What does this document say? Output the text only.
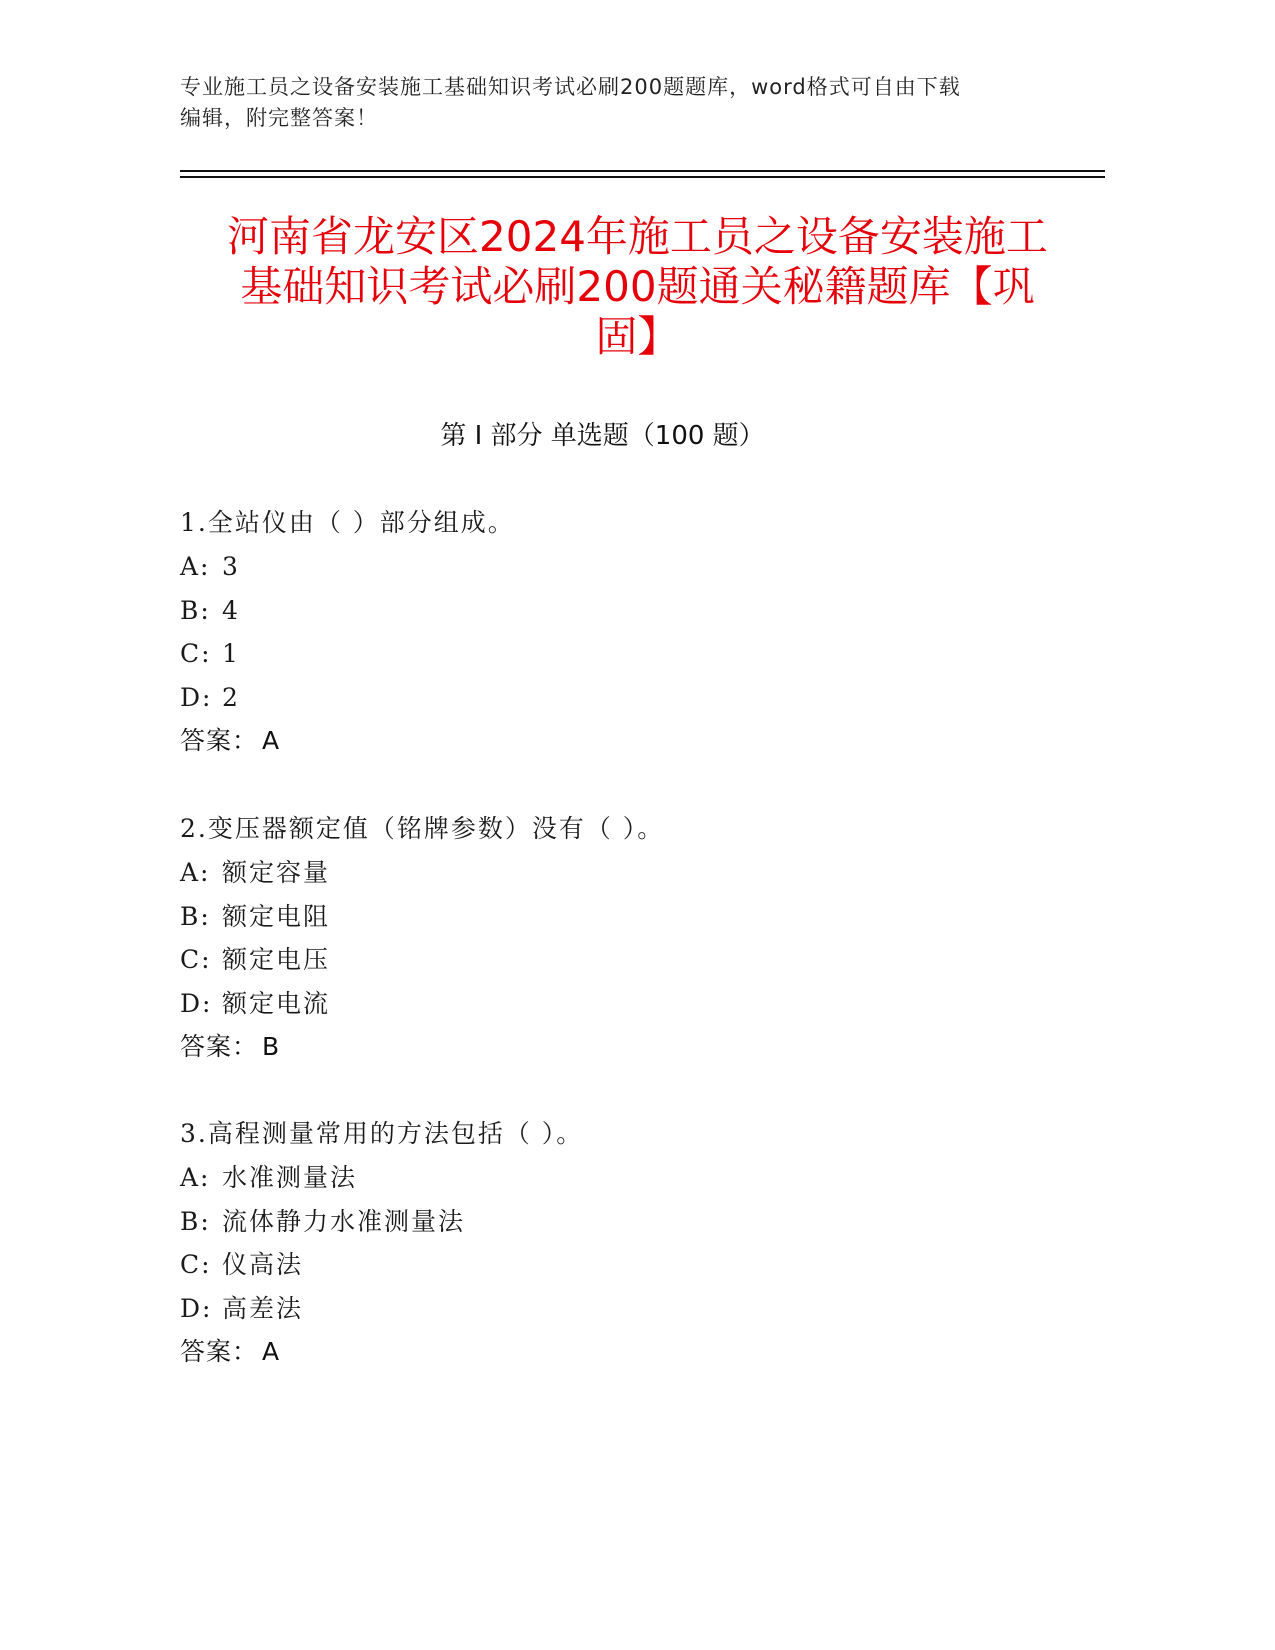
专业施工员之设备安装施工基础知识考试必刷200题题库，word格式可自由下载
编辑，附完整答案！
河南省龙安区2024年施工员之设备安装施工
基础知识考试必刷200题通关秘籍题库【巩
固】
第 I 部分 单选题（100 题）
1.全站仪由（ ）部分组成。
A: 3
B: 4
C: 1
D: 2
答案： A
2.变压器额定值（铭牌参数）没有（ ）。
A: 额定容量
B: 额定电阻
C: 额定电压
D: 额定电流
答案： B
3.高程测量常用的方法包括（ ）。
A: 水准测量法
B: 流体静力水准测量法
C: 仪高法
D: 高差法
答案： A
